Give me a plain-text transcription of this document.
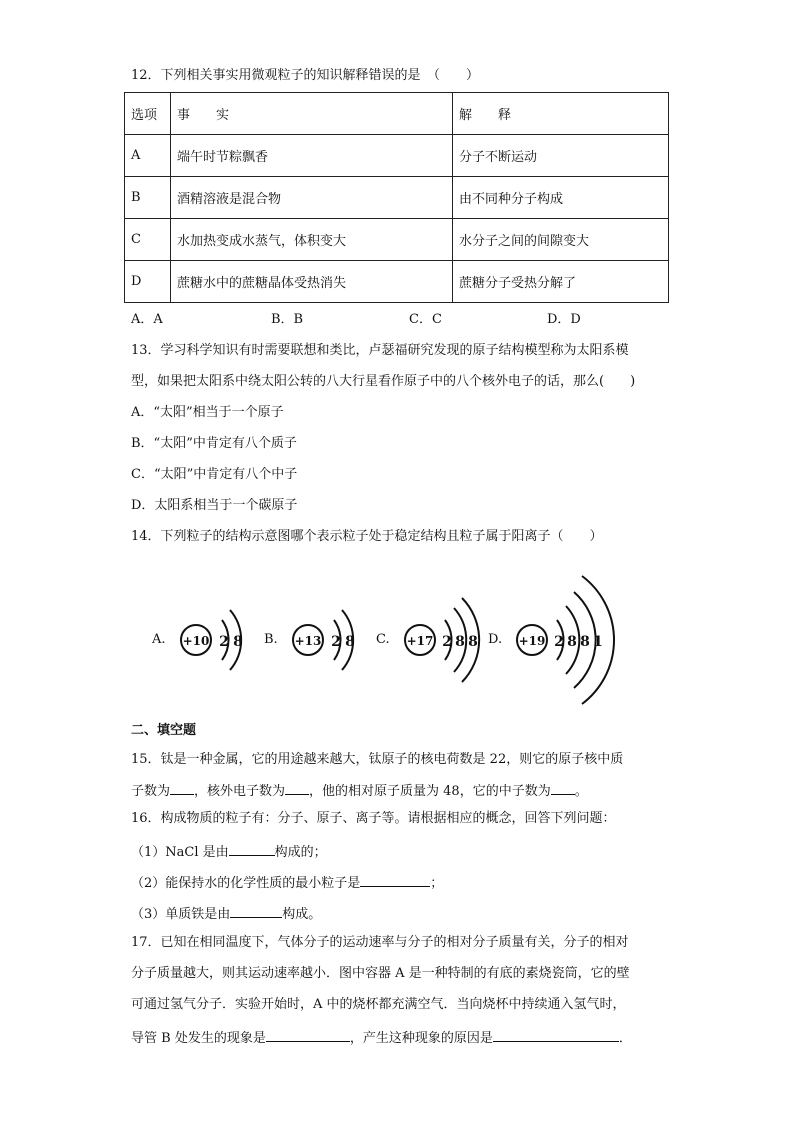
12．下列相关事实用微观粒子的知识解释错误的是　（　　）
选项	事　　实	解　　释
A	端午时节粽飘香	分子不断运动
B	酒精溶液是混合物	由不同种分子构成
C	水加热变成水蒸气，体积变大	水分子之间的间隙变大
D	蔗糖水中的蔗糖晶体受热消失	蔗糖分子受热分解了
A．A	B．B	C．C	D．D
13．学习科学知识有时需要联想和类比，卢瑟福研究发现的原子结构模型称为太阳系模
型，如果把太阳系中绕太阳公转的八大行星看作原子中的八个核外电子的话，那么(　　)
A．“太阳”相当于一个原子
B．“太阳”中肯定有八个质子
C．“太阳”中肯定有八个中子
D．太阳系相当于一个碳原子
14．下列粒子的结构示意图哪个表示粒子处于稳定结构且粒子属于阳离子（　　）
A.	B.	C.	D.
+10 2 8	+13 2 8	+17 2 8 8	+19 2 8 8 1
二、填空题
15．钛是一种金属，它的用途越来越大，钛原子的核电荷数是 22，则它的原子核中质
子数为 ，核外电子数为 ，他的相对原子质量为 48，它的中子数为 。
16．构成物质的粒子有：分子、原子、离子等。请根据相应的概念，回答下列问题：
（1）NaCl 是由	构成的；
（2）能保持水的化学性质的最小粒子是	；
（3）单质铁是由	构成。
17．已知在相同温度下，气体分子的运动速率与分子的相对分子质量有关，分子的相对
分子质量越大，则其运动速率越小．图中容器 A 是一种特制的有底的素烧瓷筒，它的壁
可通过氢气分子．实验开始时，A 中的烧杯都充满空气．当向烧杯中持续通入氢气时，
导管 B 处发生的现象是	，产生这种现象的原因是	．
